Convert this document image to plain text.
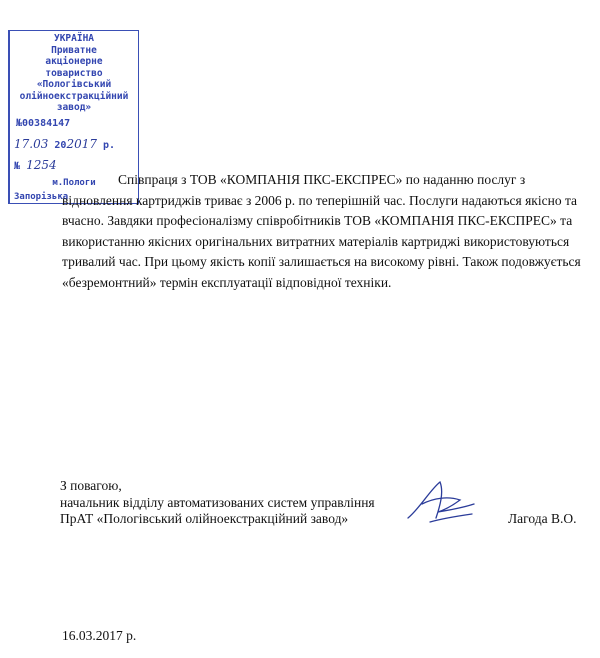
УКРАЇНА
Приватне
акціонерне
товариство
«Пологівський
олійноекстракційний
завод»
№00384147
17.03 202017 р.
№ 1254
м.Пологи
Запорізька
Співпраця з ТОВ «КОМПАНІЯ ПКС-ЕКСПРЕС» по наданню послуг з відновлення картриджів триває з 2006 р. по теперішній час. Послуги надаються якісно та вчасно. Завдяки професіоналізму співробітників ТОВ «КОМПАНІЯ ПКС-ЕКСПРЕС» та використанню якісних оригінальних витратних матеріалів картриджі використовуються тривалий час. При цьому якість копії залишається на високому рівні. Також подовжується «безремонтний» термін експлуатації відповідної техніки.
З повагою,
начальник відділу автоматизованих систем управління
ПрАТ «Пологівський олійноекстракційний завод»	Лагода В.О.
16.03.2017 р.
